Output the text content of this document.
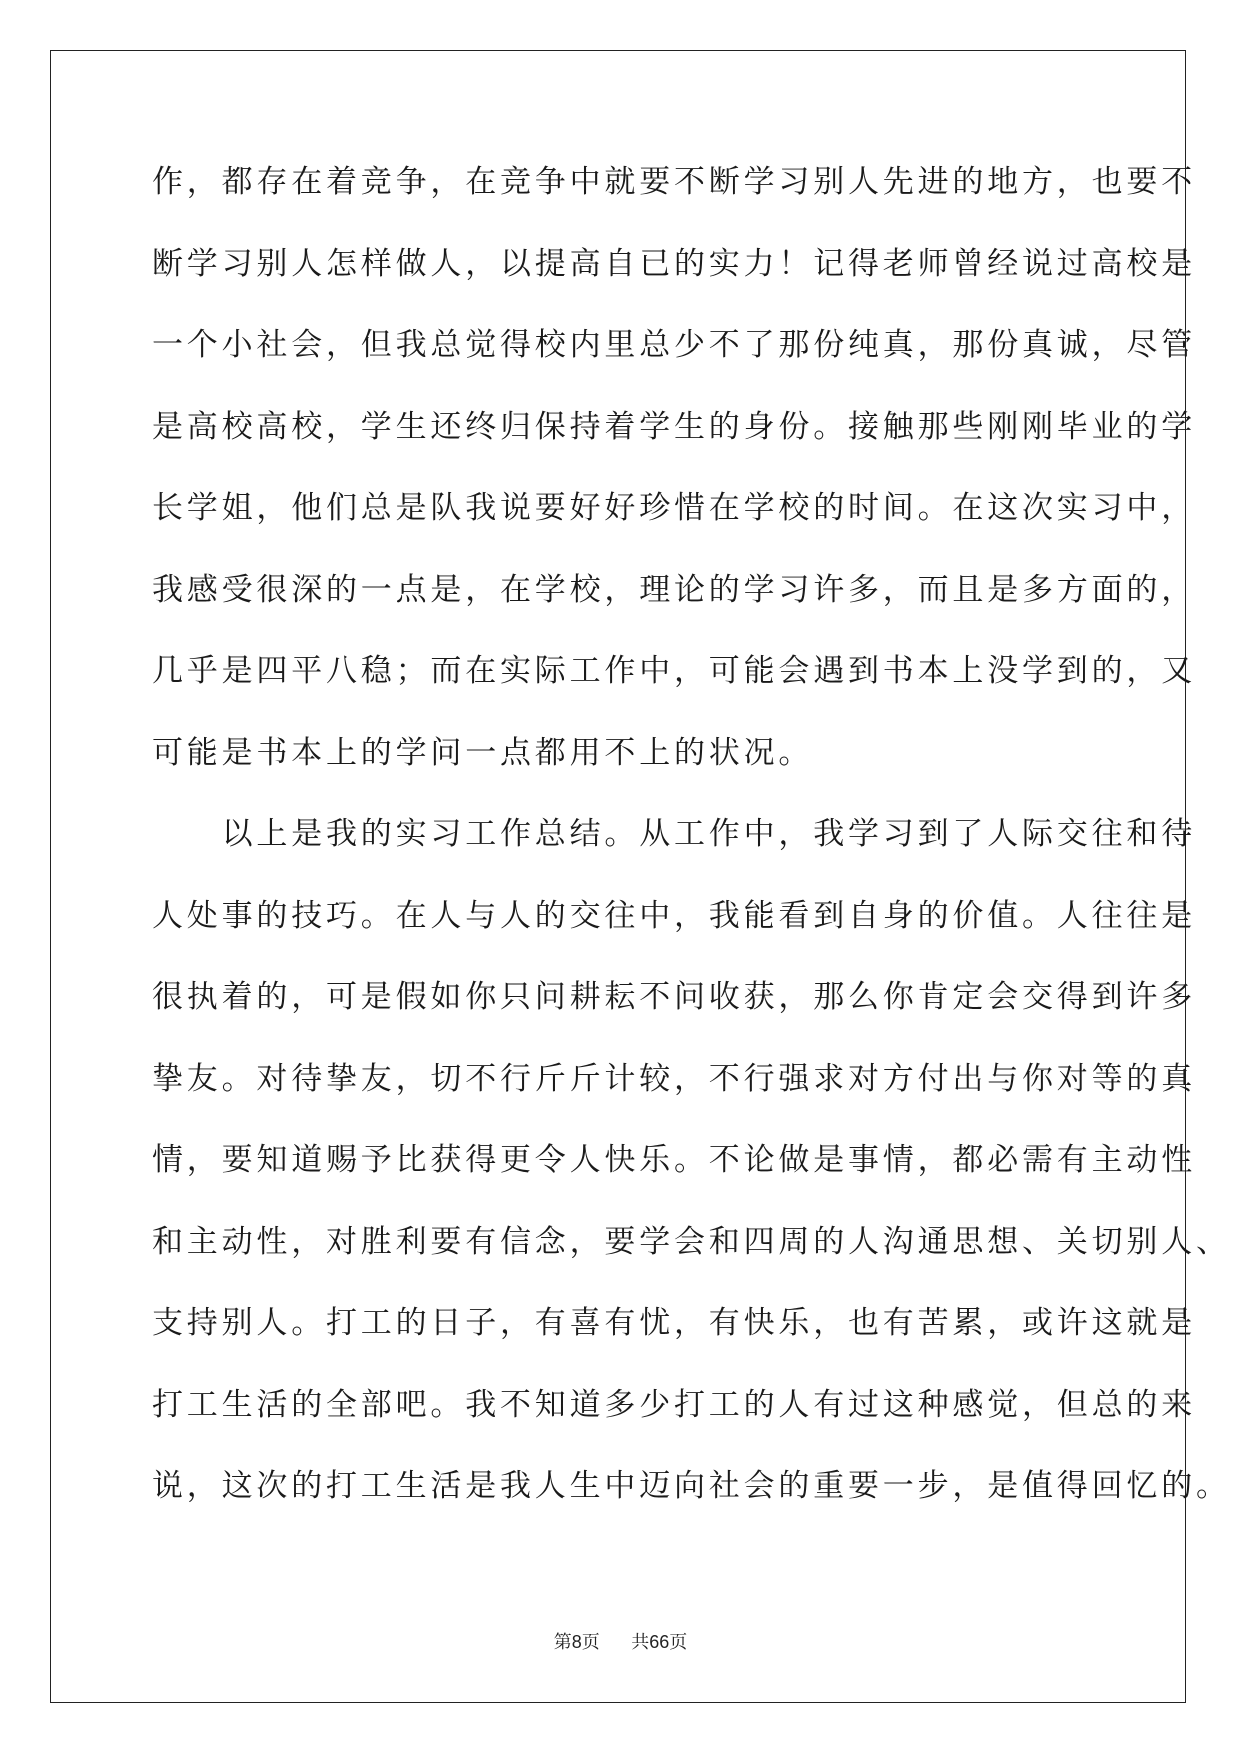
作，都存在着竞争，在竞争中就要不断学习别人先进的地方，也要不
断学习别人怎样做人，以提高自已的实力！记得老师曾经说过高校是
一个小社会，但我总觉得校内里总少不了那份纯真，那份真诚，尽管
是高校高校，学生还终归保持着学生的身份。接触那些刚刚毕业的学
长学姐，他们总是队我说要好好珍惜在学校的时间。在这次实习中，
我感受很深的一点是，在学校，理论的学习许多，而且是多方面的，
几乎是四平八稳；而在实际工作中，可能会遇到书本上没学到的，又
可能是书本上的学问一点都用不上的状况。
　　以上是我的实习工作总结。从工作中，我学习到了人际交往和待
人处事的技巧。在人与人的交往中，我能看到自身的价值。人往往是
很执着的，可是假如你只问耕耘不问收获，那么你肯定会交得到许多
挚友。对待挚友，切不行斤斤计较，不行强求对方付出与你对等的真
情，要知道赐予比获得更令人快乐。不论做是事情，都必需有主动性
和主动性，对胜利要有信念，要学会和四周的人沟通思想、关切别人、
支持别人。打工的日子，有喜有忧，有快乐，也有苦累，或许这就是
打工生活的全部吧。我不知道多少打工的人有过这种感觉，但总的来
说，这次的打工生活是我人生中迈向社会的重要一步，是值得回忆的。
第8页 共66页
